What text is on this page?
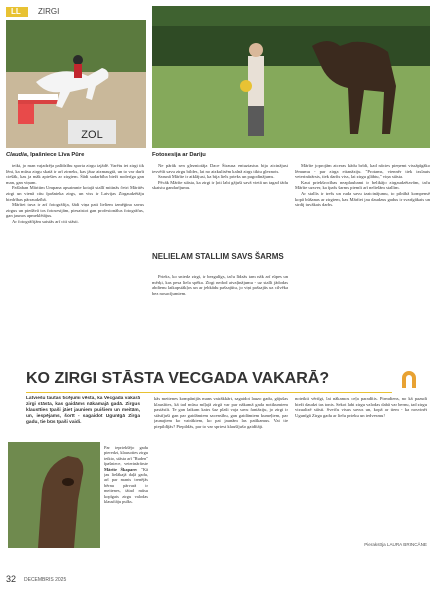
LL ZIRGI
ZOL
Claudia, īpašniece Līva Pūre	Fotosesija ar Dariju

teikt, jo man vajadzēja palīdzību sporta zirgu izjādē. Varētu iet zirgi tik lēni, ka mūsu zirgu skatā ir arī zirneks, kas jāuz aizmaugtā, un to var darīt ciešāk, kas ja māk apiešies ar zirgiem. Šādi sadarbība bieži noderīga gan man, gan viņam.

Pašlaban Māritim Umpana apsaimnie kotajā stallī mitinās četri Māritēs zirgi un vienā citu īpašnieka zirgs, un viss ir Latvijas Zirgaudzētāju biedrības pārraudzībā.

Mārītei tuva ir arī fotogrāfija, šādi viņa pati lieliem izmēģina savus zirgus un piedāvā tos fotosesijām, piesaistot gan profesionālus fotogrāfus, gan jaunos apmeklētājus.

Ar fotogrāfijām saistās arī citi stāsti.

Ne pārāk sen glezniotāja Dace Štrausa entuziastus bija aicinājusi iesvētīt savu zirgu bildes, lai no aizkulisēm kalnā zirgs tiktu gleznots.

Sarunā Mārīte ir atklājusi, ka bija liels prieks un pagodinājums.

Pēcāk Mārīte stāsta, ka zirgi ir ļoti labi gājuši savā vietā un tagad tādu skaistu gandarījumu.

NELIELAM STALLIM SAVS ŠARMS

Prieks, ko sniedz zirgi, ir bezgalīgs, taču līdzās tam nāk arī rūpes un mērķi, kas pesa liela spēka. Zirgi nedod atvaļinājumu - uz stalli jādodas abdienu laikapstākļos un ar jebkādu pašsajūtu, jo viņi pašsajūs uz cilvēka bez nosacījumiem.

Mārīte joprojām atceras kādu brīdi, kad nācies pieņemt vissāpīgāko lēmumu - par zirga eitanāziju. "Protams, viennēr tiek izslauts veterinārārsts, tiek darīts viss, lai zirgu glābtu," viņa stāsta.

Kaut priekšrocības neaplaubami ir belikājo zirgaudzētavām, taču Mārīte uzsver, ka īpašs šarms piemīt arī nelielām stallim.

Ar stallis ir trešs un ruda savu izaicinājumu, to pilnībā kompensē kopā būšanas ar zirgiem, kas Mārītei jau daudzus gadus ir svarīgākais un sirdij tuvākais darbs.

KO ZIRGI STĀSTA VECGADA VAKARĀ?
Latviešu tautas ticējumi vēsta, ka Vecgada vakarā zirgi stāsta, kas gaidāms nākamajā gadā. Zirgus klausīties īpaši jāiet jauniem puišiem un meitām, un, iespējams, šorīt - sagaidot Ugunīgā Zirga gadu, tie būs īpaši vaidi.
Par iepriekšējo gadu pieredzi, klausoties zirgu teikto, stāsta arī "Ruden" īpašniece, veterinārārste Mārīte Škapare: "Kā jau lielākajā daļā gadu, arī par manis trenējās bērnu pārvarā ir meitenes, tātad mūsu kopīgais zirgu valodas klausītāju pulks.
kās meitenes kompānijās mans vairākkārt, sagaidot lauzo gadu, gājušas klausīties, kā tad mūsu mīļajā zirgā var par nākamā gada notikumiem pastāstīt. Te gan laikam katrs šaz plaši vaja savu fantāziju, jo zirgi ir stāstījuši gan par gaidāmiem sacensību, gan gaidāmiem kumeļiem, par jaunajiem ko vairākiem, ko pat jaunām las patīkamus. Vai tie piepildījās? Piepildās, par to var spriest klaušījušo gaidītāji.
noteikti vērtīgi, lai nākamos ceļa paradītis. Pirmdiens, no kā pazudi bieži daudzi tas tonis. Sekot labi zirgu valodas dabā var bernu, tad zirgu vizualizē stāsti. Sveiču visus savus un, kopā ar tiem - ka nosvinēt Ugunīgā Zirga gadu ar lielu prieku un iedvesmu!
Pierakstīja LAURA BRINCĀNE
32 DECEMBRIS 2025
